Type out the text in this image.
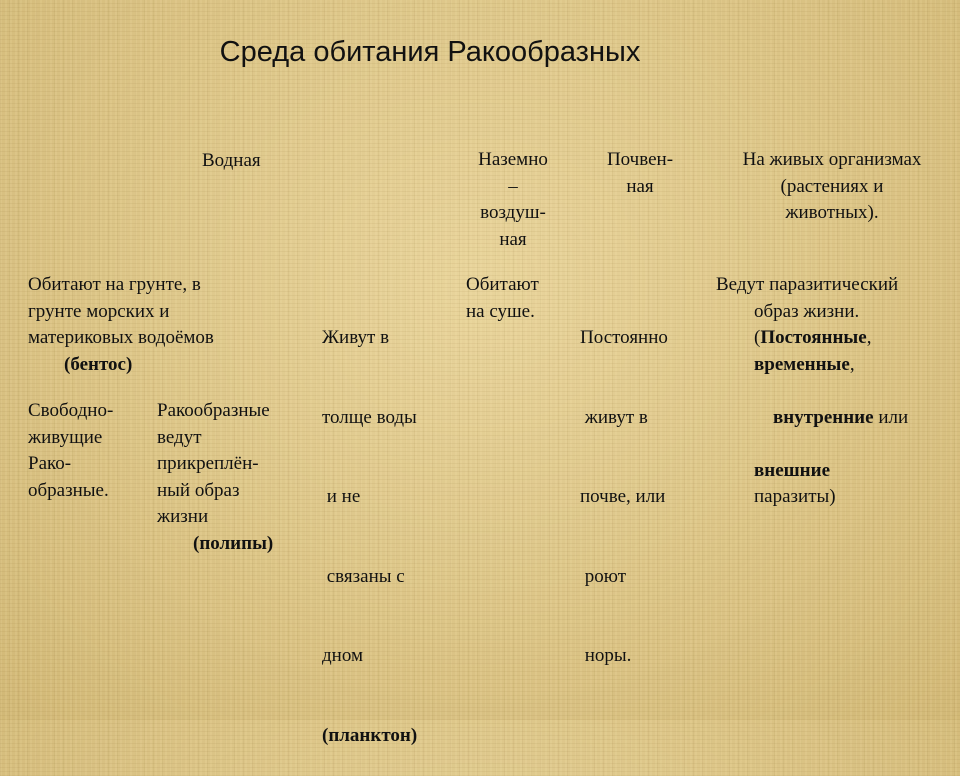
Среда обитания Ракообразных
Водная	Наземно
–
воздуш-
ная
Почвен-
ная
На живых организмах
(растениях и
животных).
Обитают на грунте, в
грунте морских и
материковых водоёмов
(бентос)

Живут в

толще воды

и не

связаны с

дном

(планктон)

Обитают
на суше.

Постоянно

живут в

почве, или

роют

норы.

Ведут паразитический
образ жизни.
(Постоянные,
временные,

внутренние или

внешние
паразиты)
Свободно-
живущие
Рако-
образные.
Ракообразные
ведут
прикреплён-
ный образ
жизни
(полипы)
